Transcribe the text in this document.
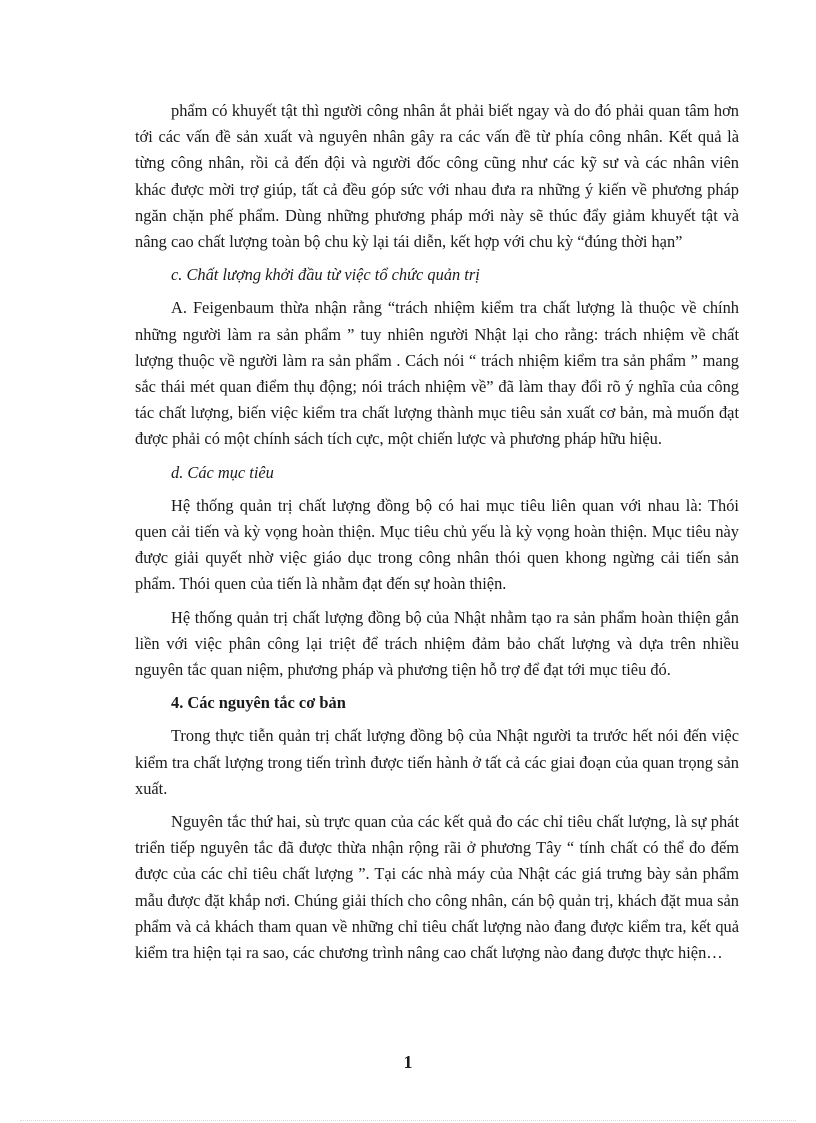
phẩm có khuyết tật thì người công nhân ắt phải biết ngay và do đó phải quan tâm hơn tới các vấn đề sản xuất và nguyên nhân gây ra các vấn đề từ phía công nhân. Kết quả là từng công nhân, rồi cả đến đội và người đốc công cũng như các kỹ sư và các nhân viên khác được mời trợ giúp, tất cả đều góp sức với nhau đưa ra những ý kiến về phương pháp ngăn chặn phế phẩm. Dùng những phương pháp mới này sẽ thúc đẩy giảm khuyết tật và nâng cao chất lượng toàn bộ chu kỳ lại tái diễn, kết hợp với chu kỳ “đúng thời hạn”

c. Chất lượng khởi đầu từ việc tổ chức quản trị

A. Feigenbaum thừa nhận rằng “trách nhiệm kiểm tra chất lượng là thuộc về chính những người làm ra sản phẩm ” tuy nhiên người Nhật lại cho rằng: trách nhiệm về chất lượng thuộc về người làm ra sản phẩm . Cách nói “ trách nhiệm kiểm tra sản phẩm ” mang sắc thái mét quan điểm thụ động; nói trách nhiệm về” đã làm thay đổi rõ ý nghĩa của công tác chất lượng, biến việc kiểm tra chất lượng thành mục tiêu sản xuất cơ bản, mà muốn đạt được phải có một chính sách tích cực, một chiến lược và phương pháp hữu hiệu.

d. Các mục tiêu

Hệ thống quản trị chất lượng đồng bộ có hai mục tiêu liên quan với nhau là: Thói quen cải tiến và kỳ vọng hoàn thiện. Mục tiêu chủ yếu là kỳ vọng hoàn thiện. Mục tiêu này được giải quyết nhờ việc giáo dục trong công nhân thói quen khong ngừng cải tiến sản phẩm. Thói quen của tiến là nhằm đạt đến sự hoàn thiện.

Hệ thống quản trị chất lượng đồng bộ của Nhật nhằm tạo ra sản phẩm hoàn thiện gắn liền với việc phân công lại triệt để trách nhiệm đảm bảo chất lượng và dựa trên nhiều nguyên tắc quan niệm, phương pháp và phương tiện hỗ trợ để đạt tới mục tiêu đó.

4. Các nguyên tắc cơ bản

Trong thực tiễn quản trị chất lượng đồng bộ của Nhật người ta trước hết nói đến việc kiểm tra chất lượng trong tiến trình được tiến hành ở tất cả các giai đoạn của quan trọng sản xuất.

Nguyên tắc thứ hai, sù trực quan của các kết quả đo các chỉ tiêu chất lượng, là sự phát triển tiếp nguyên tắc đã được thừa nhận rộng rãi ở phương Tây “ tính chất có thể đo đếm được của các chỉ tiêu chất lượng ”. Tại các nhà máy của Nhật các giá trưng bày sản phẩm mẫu được đặt khắp nơi. Chúng giải thích cho công nhân, cán bộ quản trị, khách đặt mua sản phẩm và cả khách tham quan về những chỉ tiêu chất lượng nào đang được kiểm tra, kết quả kiểm tra hiện tại ra sao, các chương trình nâng cao chất lượng nào đang được thực hiện…

1
